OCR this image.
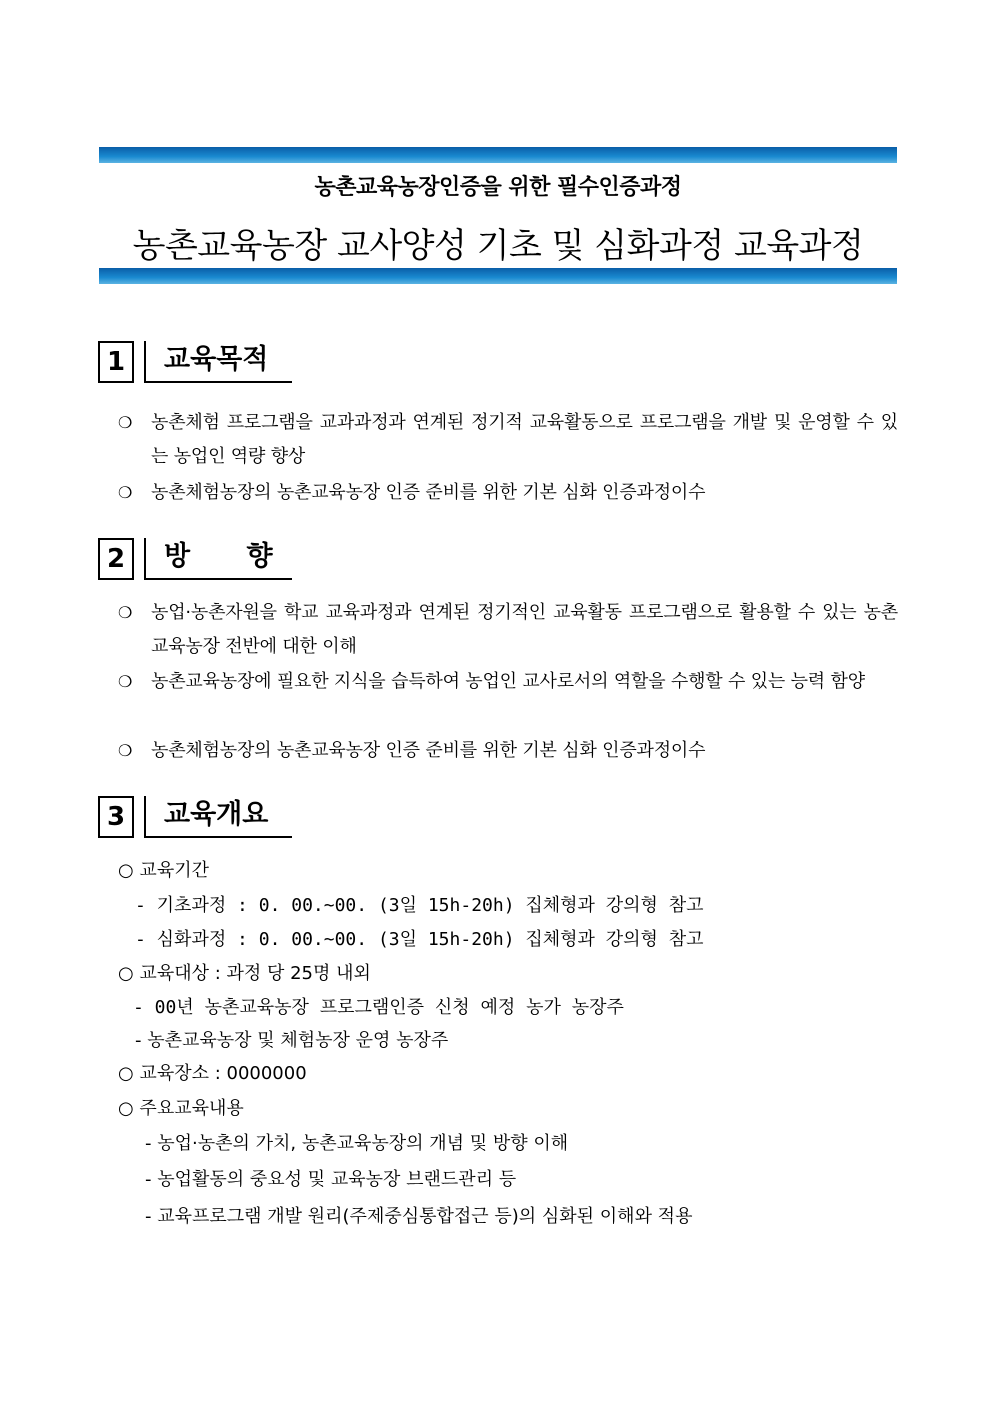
농촌교육농장인증을 위한 필수인증과정
농촌교육농장 교사양성 기초 및 심화과정 교육과정
1	교육목적
❍ 농촌체험 프로그램을 교과과정과 연계된 정기적 교육활동으로 프로그램을 개발 및 운영할 수 있는 농업인 역량 향상
❍ 농촌체험농장의 농촌교육농장 인증 준비를 위한 기본 심화 인증과정이수
2	방      향
❍ 농업·농촌자원을 학교 교육과정과 연계된 정기적인 교육활동 프로그램으로 활용할 수 있는 농촌교육농장 전반에 대한 이해
❍ 농촌교육농장에 필요한 지식을 습득하여 농업인 교사로서의 역할을 수행할 수 있는 능력 함양
❍ 농촌체험농장의 농촌교육농장 인증 준비를 위한 기본 심화 인증과정이수
3	교육개요
○ 교육기간
- 기초과정 : 0. 00.~00. (3일 15h-20h) 집체형과 강의형 참고
- 심화과정 : 0. 00.~00. (3일 15h-20h) 집체형과 강의형 참고
○ 교육대상 : 과정 당 25명 내외
- 00년 농촌교육농장 프로그램인증 신청 예정 농가 농장주
- 농촌교육농장 및 체험농장 운영 농장주
○ 교육장소 : 0000000
○ 주요교육내용
- 농업·농촌의 가치, 농촌교육농장의 개념 및 방향 이해
- 농업활동의 중요성 및 교육농장 브랜드관리 등
- 교육프로그램 개발 원리(주제중심통합접근 등)의 심화된 이해와 적용
